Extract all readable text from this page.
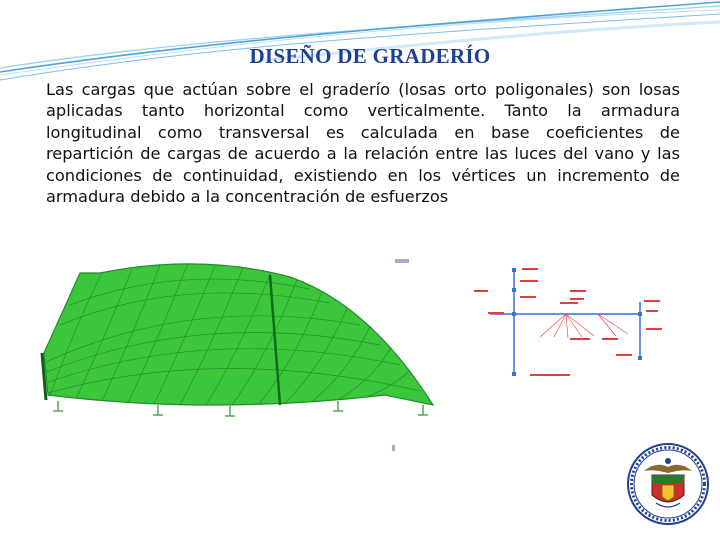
DISEÑO DE GRADERÍO

Las cargas que actúan sobre el graderío (losas orto poligonales) son losas aplicadas tanto horizontal como verticalmente. Tanto la armadura longitudinal como transversal es calculada en base coeficientes de repartición de cargas de acuerdo a la relación entre las luces del vano y las condiciones de continuidad, existiendo en los vértices un incremento de armadura debido a la concentración de esfuerzos
